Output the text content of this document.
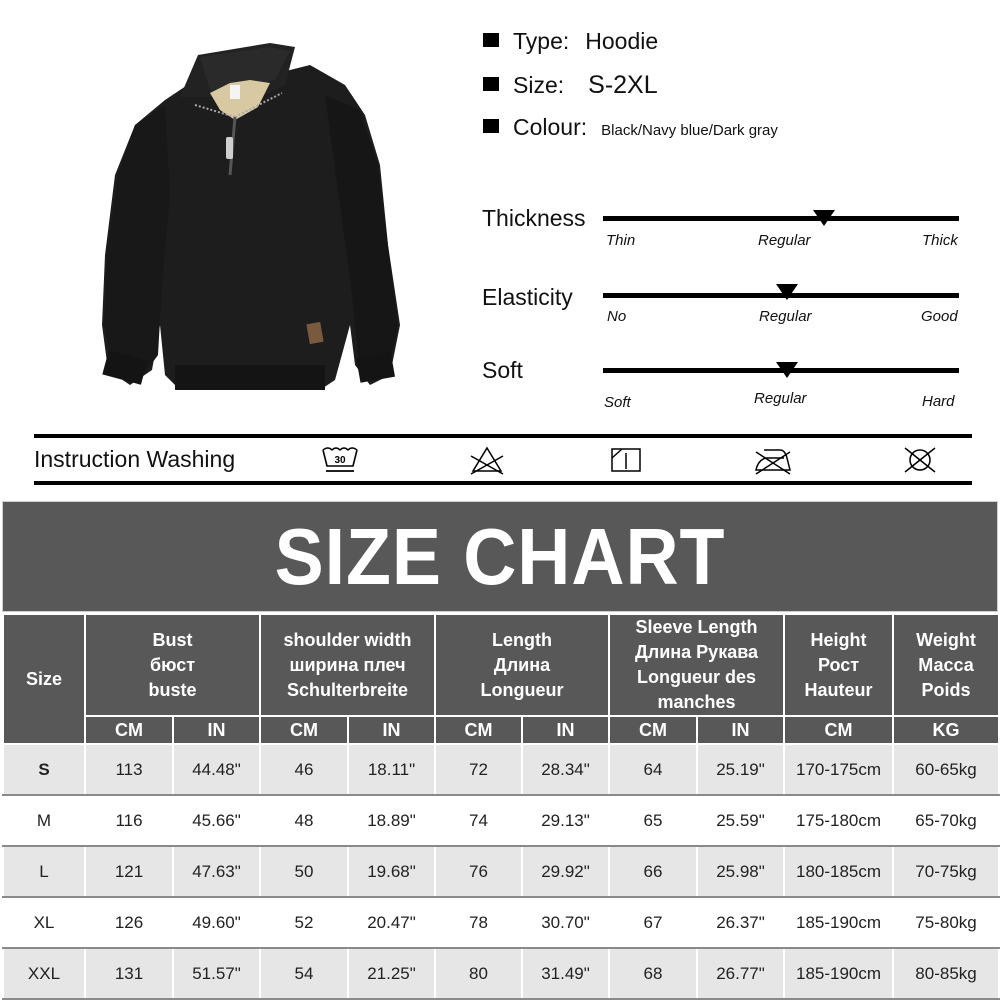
Type: Hoodie
Size: S-2XL
Colour: Black/Navy blue/Dark gray
Thickness
Thin	Regular	Thick
Elasticity
No	Regular	Good
Soft
Soft	Regular	Hard
Instruction Washing	30
SIZE CHART
Size	
Bust
бюст
buste

shoulder width
ширина плеч
Schulterbreite

Length
Длина
Longueur

Sleeve Length
Длина Рукава
Longueur des
manches

Height
Рост
Hauteur

Weight
Масса
Poids

	CM	IN	CM	IN	CM	IN	CM	IN	CM	KG
S	113	44.48"	46	18.11"	72	28.34"	64	25.19"	170-175cm	60-65kg
M	116	45.66"	48	18.89"	74	29.13"	65	25.59"	175-180cm	65-70kg
L	121	47.63"	50	19.68"	76	29.92"	66	25.98"	180-185cm	70-75kg
XL	126	49.60"	52	20.47"	78	30.70"	67	26.37"	185-190cm	75-80kg
XXL	131	51.57"	54	21.25"	80	31.49"	68	26.77"	185-190cm	80-85kg
